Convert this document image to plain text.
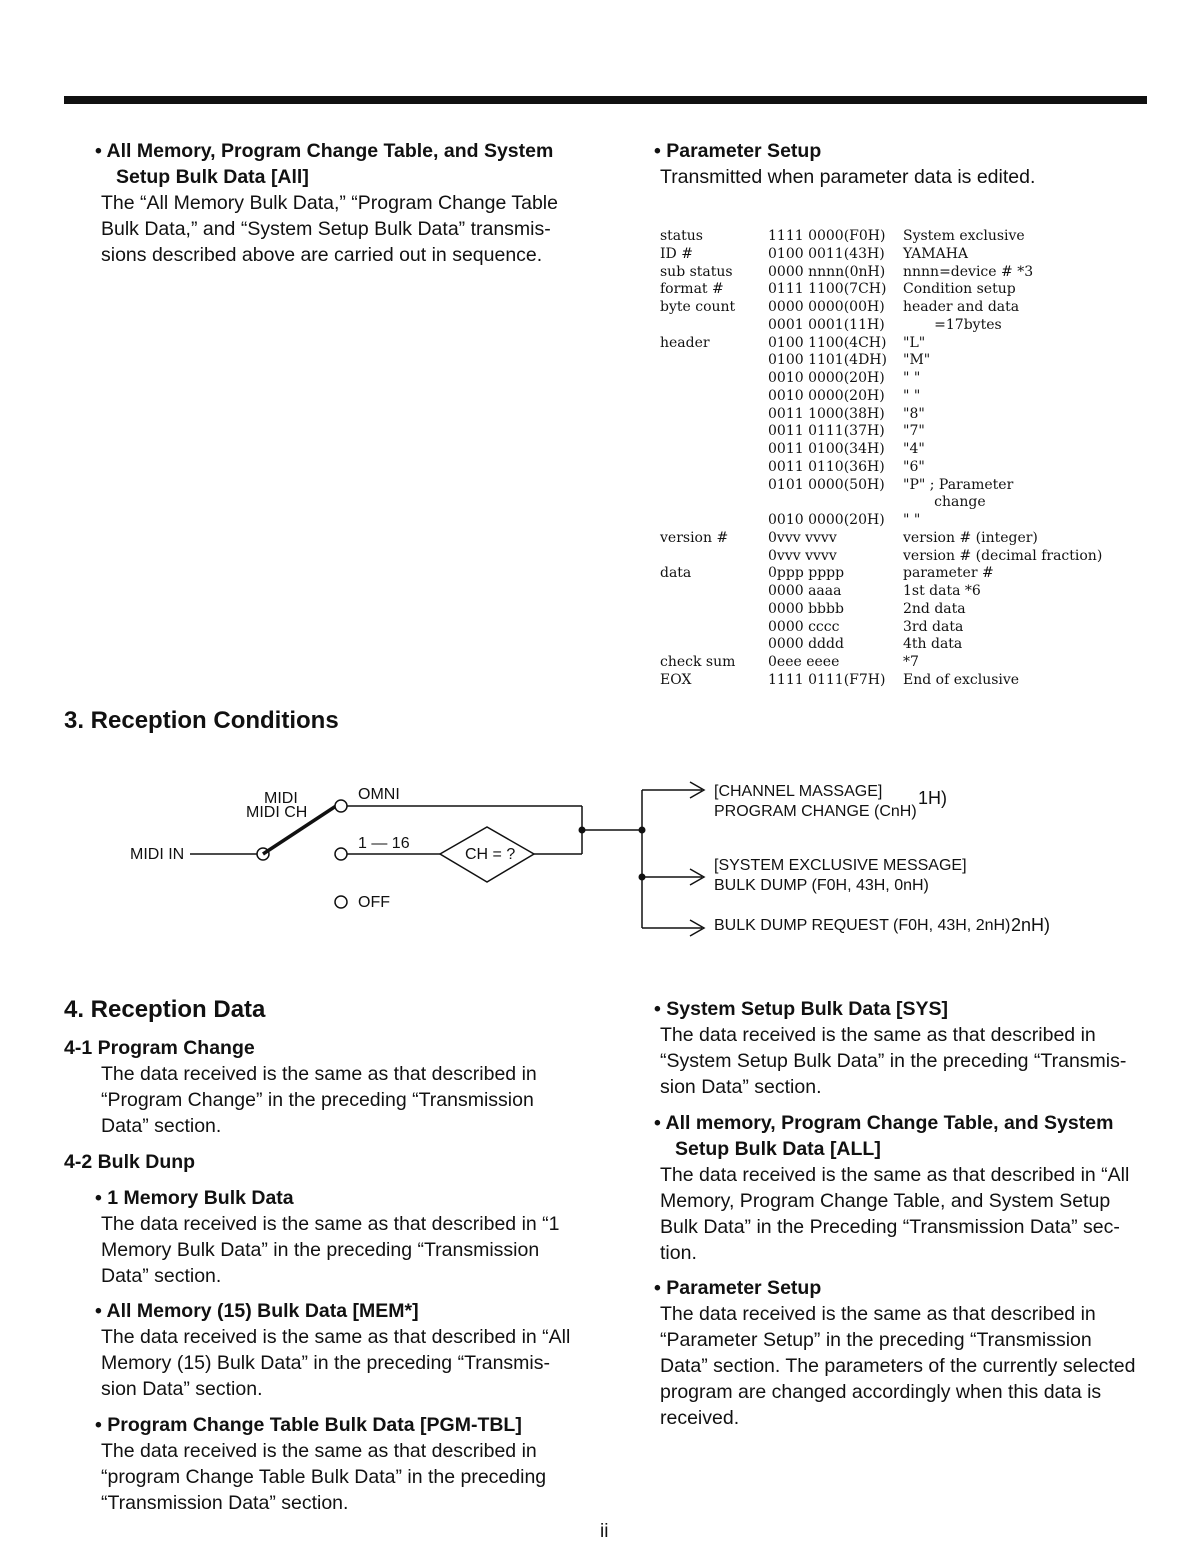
• All Memory, Program Change Table, and System
Setup Bulk Data [All]
The “All Memory Bulk Data,” “Program Change Table
Bulk Data,” and “System Setup Bulk Data” transmis-
sions described above are carried out in sequence.
• Parameter Setup
Transmitted when parameter data is edited.
status	1111 0000(F0H) System exclusive
ID #	0100 0011(43H) YAMAHA
sub status	0000 nnnn(0nH) nnnn=device # *3
format #	0111 1100(7CH) Condition setup
byte count 0000 0000(00H) header and data
0001 0001(11H) =17bytes
header	0100 1100(4CH) "L"
0100 1101(4DH) "M"
0010 0000(20H) " "
0010 0000(20H) " "
0011 1000(38H) "8"
0011 0111(37H) "7"
0011 0100(34H) "4"
0011 0110(36H) "6"
0101 0000(50H) "P" ; Parameter
change
0010 0000(20H) " "
version #	0vvv vvvv	version # (integer)
0vvv vvvv	version # (decimal fraction)
data	0ppp pppp	parameter #
0000 aaaa	1st data *6
0000 bbbb	2nd data
0000 cccc	3rd data
0000 dddd	4th data
check sum 0eee eeee	*7
EOX	1111 0111(F7H) End of exclusive
3. Reception Conditions
MIDI IN
MIDI
MIDI CH
OMNI
1 — 16
CH = ?
OFF
[CHANNEL MASSAGE]
PROGRAM CHANGE (CnH)
1H)
[SYSTEM EXCLUSIVE MESSAGE]
BULK DUMP (F0H, 43H, 0nH)
BULK DUMP REQUEST (F0H, 43H, 2nH) 2nH)
4. Reception Data
4-1 Program Change
The data received is the same as that described in
“Program Change” in the preceding “Transmission
Data” section.
4-2 Bulk Dunp
• 1 Memory Bulk Data
The data received is the same as that described in “1
Memory Bulk Data” in the preceding “Transmission
Data” section.
• All Memory (15) Bulk Data [MEM*]
The data received is the same as that described in “All
Memory (15) Bulk Data” in the preceding “Transmis-
sion Data” section.
• Program Change Table Bulk Data [PGM-TBL]
The data received is the same as that described in
“program Change Table Bulk Data” in the preceding
“Transmission Data” section.
• System Setup Bulk Data [SYS]
The data received is the same as that described in
“System Setup Bulk Data” in the preceding “Transmis-
sion Data” section.
• All memory, Program Change Table, and System
Setup Bulk Data [ALL]
The data received is the same as that described in “All
Memory, Program Change Table, and System Setup
Bulk Data” in the Preceding “Transmission Data” sec-
tion.
• Parameter Setup
The data received is the same as that described in
“Parameter Setup” in the preceding “Transmission
Data” section. The parameters of the currently selected
program are changed accordingly when this data is
received.
ii
